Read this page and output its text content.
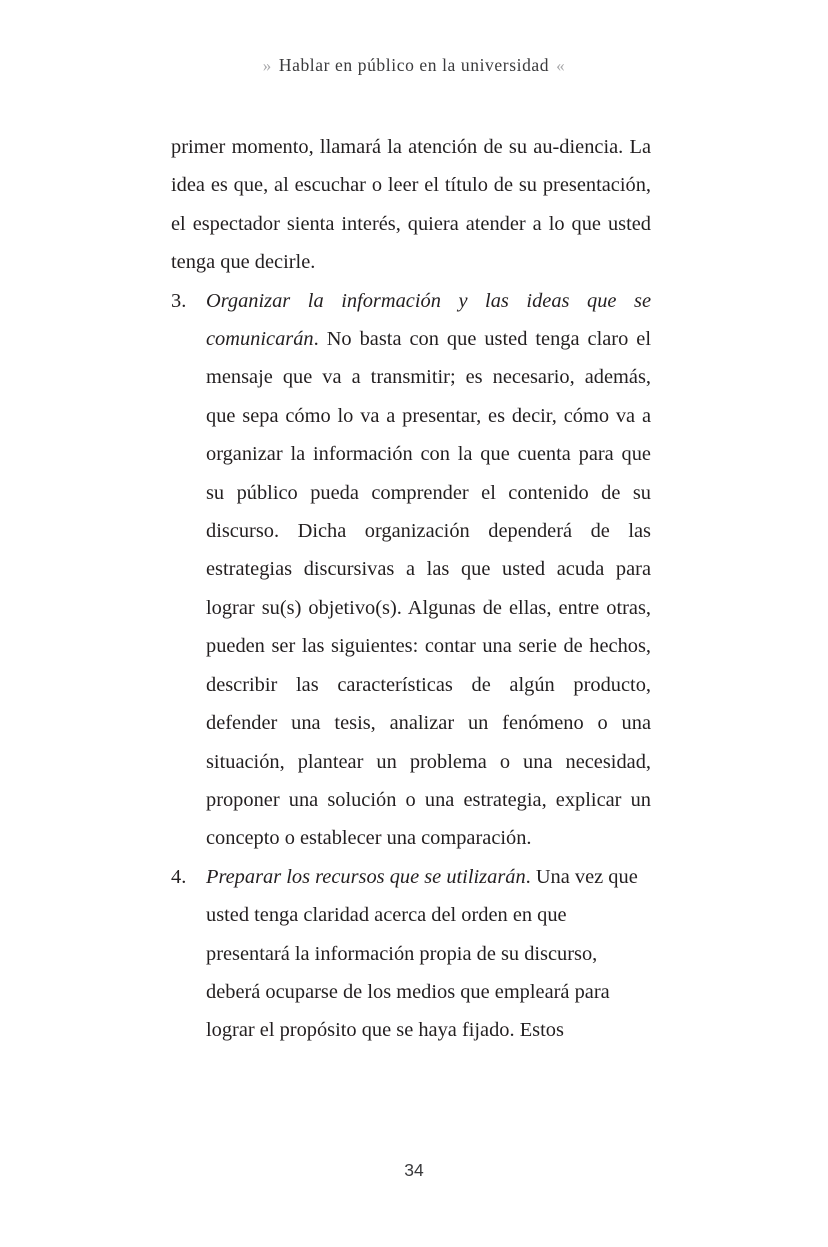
» Hablar en público en la universidad «

primer momento, llamará la atención de su au-diencia. La idea es que, al escuchar o leer el título de su presentación, el espectador sienta interés, quiera atender a lo que usted tenga que decirle.

3. Organizar la información y las ideas que se comunicarán. No basta con que usted tenga claro el mensaje que va a transmitir; es necesario, además, que sepa cómo lo va a presentar, es decir, cómo va a organizar la información con la que cuenta para que su público pueda comprender el contenido de su discurso. Dicha organización dependerá de las estrategias discursivas a las que usted acuda para lograr su(s) objetivo(s). Algunas de ellas, entre otras, pueden ser las siguientes: contar una serie de hechos, describir las características de algún producto, defender una tesis, analizar un fenómeno o una situación, plantear un problema o una necesidad, proponer una solución o una estrategia, explicar un concepto o establecer una comparación.
4. Preparar los recursos que se utilizarán. Una vez que usted tenga claridad acerca del orden en que presentará la información propia de su discurso, deberá ocuparse de los medios que empleará para lograr el propósito que se haya fijado. Estos
34
